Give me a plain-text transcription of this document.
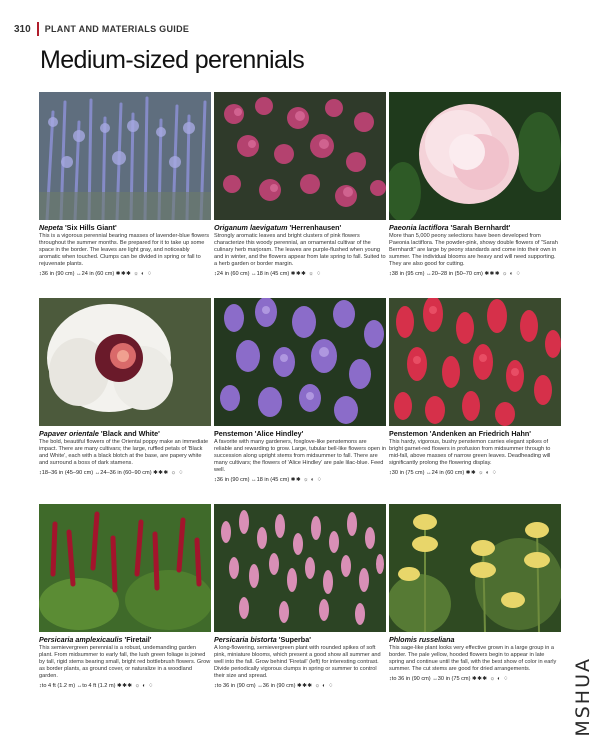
310 PLANT AND MATERIALS GUIDE
Medium-sized perennials
Nepeta 'Six Hills Giant'
This is a vigorous perennial bearing masses of lavender-blue flowers throughout the summer months. Be prepared for it to take up some space in the border. The leaves are light gray, and noticeably aromatic when touched. Clumps can be divided in spring or fall to rejuvenate plants.
↕36 in (90 cm) ↔24 in (60 cm) ✱✱✱ ☼ ◐ ♢
Origanum laevigatum 'Herrenhausen'
Strongly aromatic leaves and bright clusters of pink flowers characterize this woody perennial, an ornamental cultivar of the culinary herb marjoram. The leaves are purple-flushed when young and in winter, and the flowers appear from late spring to fall. Suited to a herb garden or border margin.
↕24 in (60 cm) ↔18 in (45 cm) ✱✱✱ ☼ ♢
Paeonia lactiflora 'Sarah Bernhardt'
More than 5,000 peony selections have been developed from Paeonia lactiflora. The powder-pink, showy double flowers of "Sarah Bernhardt" are large by peony standards and come into their own in summer. The individual blooms are heavy and will need supporting. They are also good for cutting.
↕38 in (95 cm) ↔20–28 in (50–70 cm) ✱✱✱ ☼ ◐ ♢
Papaver orientale 'Black and White'
The bold, beautiful flowers of the Oriental poppy make an immediate impact. There are many cultivars; the large, ruffled petals of 'Black and White', each with a black blotch at the base, are papery white and surround a boss of dark stamens.
↕18–36 in (45–90 cm) ↔24–36 in (60–90 cm) ✱✱✱ ☼ ♢
Penstemon 'Alice Hindley'
A favorite with many gardeners, foxglove-like penstemons are reliable and rewarding to grow. Large, tubular bell-like flowers open in succession along upright stems from midsummer to fall. There are many cultivars; the flowers of 'Alice Hindley' are pale lilac-blue. Feed well.
↕36 in (90 cm) ↔18 in (45 cm) ✱✱ ☼ ◐ ♢
Penstemon 'Andenken an Friedrich Hahn'
This hardy, vigorous, bushy penstemon carries elegant spikes of bright garnet-red flowers in profusion from midsummer through to mid-fall, above masses of narrow green leaves. Deadheading will significantly prolong the flowering display.
↕30 in (75 cm) ↔24 in (60 cm) ✱✱ ☼ ◐ ♢
Persicaria amplexicaulis 'Firetail'
This semievergreen perennial is a robust, undemanding garden plant. From midsummer to early fall, the lush green foliage is joined by tall, rigid stems bearing small, bright red bottlebrush flowers. Grow as border plants, as ground cover, or naturalize in a woodland garden.
↕to 4 ft (1.2 m) ↔to 4 ft (1.2 m) ✱✱✱ ☼ ◐ ♢
Persicaria bistorta 'Superba'
A long-flowering, semievergreen plant with rounded spikes of soft pink, miniature blooms, which present a good show all summer and well into the fall. Grow behind 'Firetail' (left) for interesting contrast. Divide periodically vigorous clumps in spring or summer to control their size and spread.
↕to 36 in (90 cm) ↔36 in (90 cm) ✱✱✱ ☼ ◐ ♢
Phlomis russeliana
This sage-like plant looks very effective grown in a large group in a border. The pale yellow, hooded flowers begin to appear in late spring and continue until the fall, with the best show of color in early summer. The cut stems are good for dried arrangements.
↕to 36 in (90 cm) ↔30 in (75 cm) ✱✱✱ ☼ ◐ ♢	MSHUA
